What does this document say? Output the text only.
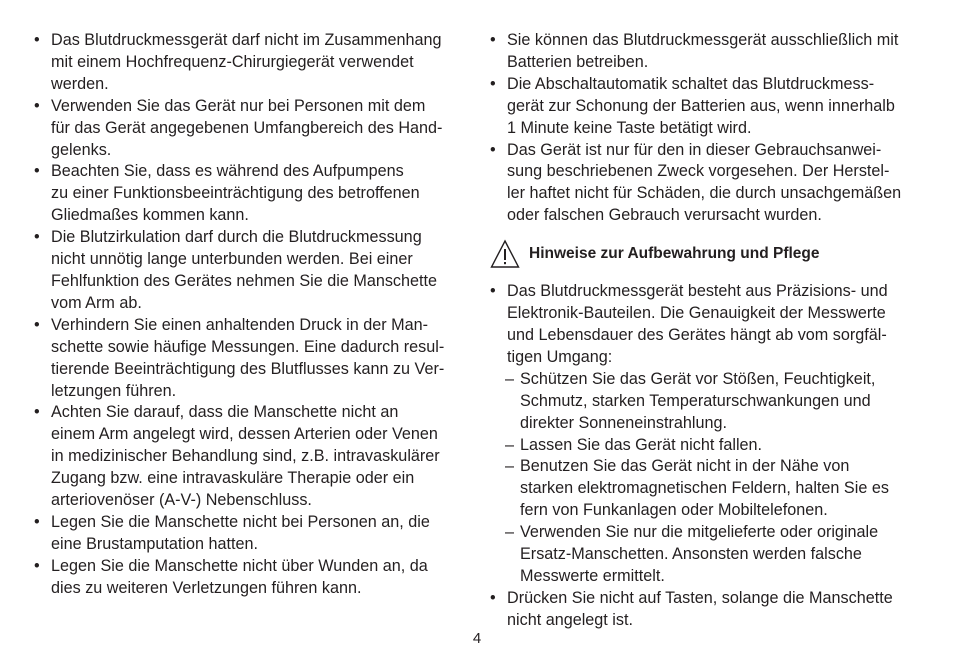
• Das Blutdruckmessgerät darf nicht im Zusammenhang
mit einem Hochfrequenz-Chirurgiegerät verwendet
werden.
• Verwenden Sie das Gerät nur bei Personen mit dem
für das Gerät angegebenen Umfangbereich des Hand-
gelenks.
• Beachten Sie, dass es während des Aufpumpens
zu einer Funktionsbeeinträchtigung des betroffenen
Gliedmaßes kommen kann.
• Die Blutzirkulation darf durch die Blutdruckmessung
nicht unnötig lange unterbunden werden. Bei einer
Fehlfunktion des Gerätes nehmen Sie die Manschette
vom Arm ab.
• Verhindern Sie einen anhaltenden Druck in der Man-
schette sowie häufige Messungen. Eine dadurch resul-
tierende Beeinträchtigung des Blutflusses kann zu Ver-
letzungen führen.
• Achten Sie darauf, dass die Manschette nicht an
einem Arm angelegt wird, dessen Arterien oder Venen
in medizinischer Behandlung sind, z.B. intravaskulärer
Zugang bzw. eine intravaskuläre Therapie oder ein
arteriovenöser (A-V-) Nebenschluss.
• Legen Sie die Manschette nicht bei Personen an, die
eine Brustamputation hatten.
• Legen Sie die Manschette nicht über Wunden an, da
dies zu weiteren Verletzungen führen kann.
• Sie können das Blutdruckmessgerät ausschließlich mit
Batterien betreiben.
• Die Abschaltautomatik schaltet das Blutdruckmess-
gerät zur Schonung der Batterien aus, wenn innerhalb
1 Minute keine Taste betätigt wird.
• Das Gerät ist nur für den in dieser Gebrauchsanwei-
sung beschriebenen Zweck vorgesehen. Der Herstel-
ler haftet nicht für Schäden, die durch unsachgemäßen
oder falschen Gebrauch verursacht wurden.
Hinweise zur Aufbewahrung und Pflege
• Das Blutdruckmessgerät besteht aus Präzisions- und
Elektronik-Bauteilen. Die Genauigkeit der Messwerte
und Lebensdauer des Gerätes hängt ab vom sorgfäl-
tigen Umgang:
– Schützen Sie das Gerät vor Stößen, Feuchtigkeit,
Schmutz, starken Temperaturschwankungen und
direkter Sonneneinstrahlung.
– Lassen Sie das Gerät nicht fallen.
– Benutzen Sie das Gerät nicht in der Nähe von
starken elektromagnetischen Feldern, halten Sie es
fern von Funkanlagen oder Mobiltelefonen.
– Verwenden Sie nur die mitgelieferte oder originale
Ersatz-Manschetten. Ansonsten werden falsche
Messwerte ermittelt.
• Drücken Sie nicht auf Tasten, solange die Manschette
nicht angelegt ist.
4
